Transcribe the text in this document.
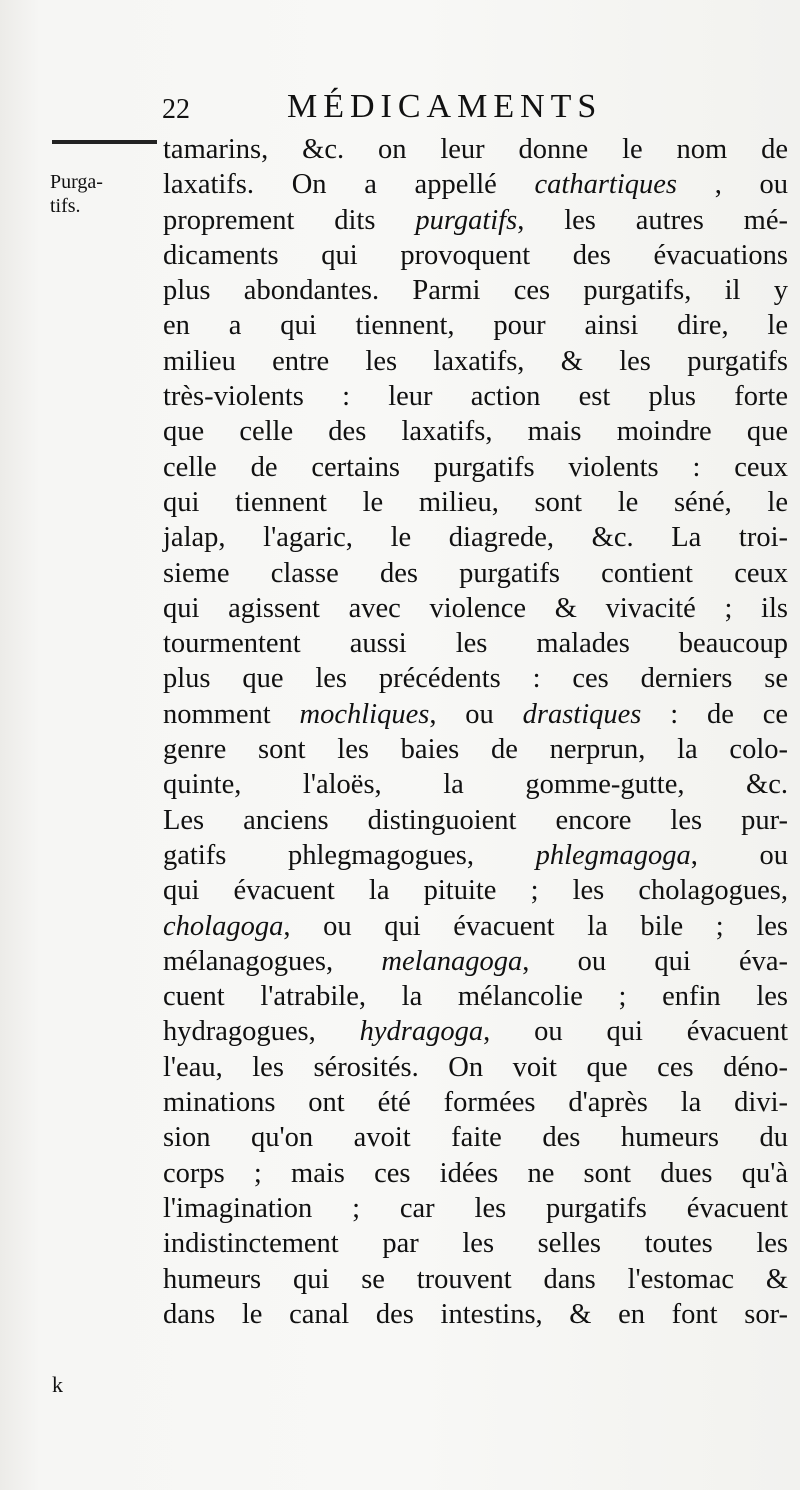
22	MÉDICAMENTS
Purga-
tifs.
tamarins, &c. on leur donne le nom de
laxatifs. On a appellé cathartiques , ou
proprement dits purgatifs, les autres mé-
dicaments qui provoquent des évacuations
plus abondantes. Parmi ces purgatifs, il y
en a qui tiennent, pour ainsi dire, le
milieu entre les laxatifs, & les purgatifs
très-violents : leur action est plus forte
que celle des laxatifs, mais moindre que
celle de certains purgatifs violents : ceux
qui tiennent le milieu, sont le séné, le
jalap, l'agaric, le diagrede, &c. La troi-
sieme classe des purgatifs contient ceux
qui agissent avec violence & vivacité ; ils
tourmentent aussi les malades beaucoup
plus que les précédents : ces derniers se
nomment mochliques, ou drastiques : de ce
genre sont les baies de nerprun, la colo-
quinte, l'aloës, la gomme-gutte, &c.
Les anciens distinguoient encore les pur-
gatifs phlegmagogues, phlegmagoga, ou
qui évacuent la pituite ; les cholagogues,
cholagoga, ou qui évacuent la bile ; les
mélanagogues, melanagoga, ou qui éva-
cuent l'atrabile, la mélancolie ; enfin les
hydragogues, hydragoga, ou qui évacuent
l'eau, les sérosités. On voit que ces déno-
minations ont été formées d'après la divi-
sion qu'on avoit faite des humeurs du
corps ; mais ces idées ne sont dues qu'à
l'imagination ; car les purgatifs évacuent
indistinctement par les selles toutes les
humeurs qui se trouvent dans l'estomac &
dans le canal des intestins, & en font sor-
k
